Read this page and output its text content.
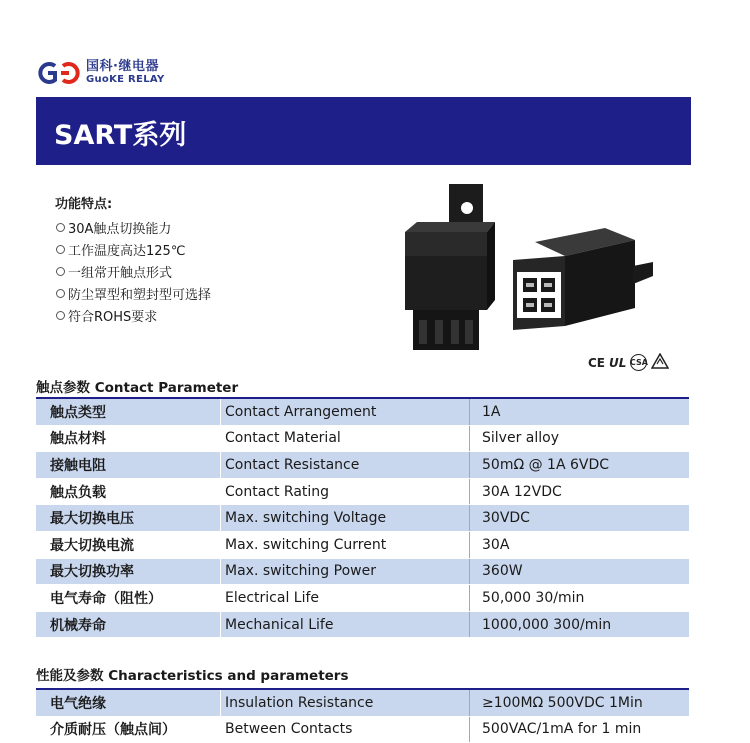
国科·继电器
GuoKE RELAY
SART系列
功能特点:
30A触点切换能力
工作温度高达125℃
一组常开触点形式
防尘罩型和塑封型可选择
符合ROHS要求
CE UL CSA
触点参数 Contact Parameter
触点类型	Contact Arrangement	1A
触点材料	Contact Material	Silver alloy
接触电阻	Contact Resistance	50mΩ @ 1A 6VDC
触点负载	Contact Rating	30A 12VDC
最大切换电压	Max. switching Voltage	30VDC
最大切换电流	Max. switching Current	30A
最大切换功率	Max. switching Power	360W
电气寿命（阻性）	Electrical Life	50,000 30/min
机械寿命	Mechanical Life	1000,000 300/min
性能及参数 Characteristics and parameters
电气绝缘	Insulation Resistance	≥100MΩ 500VDC 1Min
介质耐压（触点间）	Between Contacts	500VAC/1mA for 1 min
